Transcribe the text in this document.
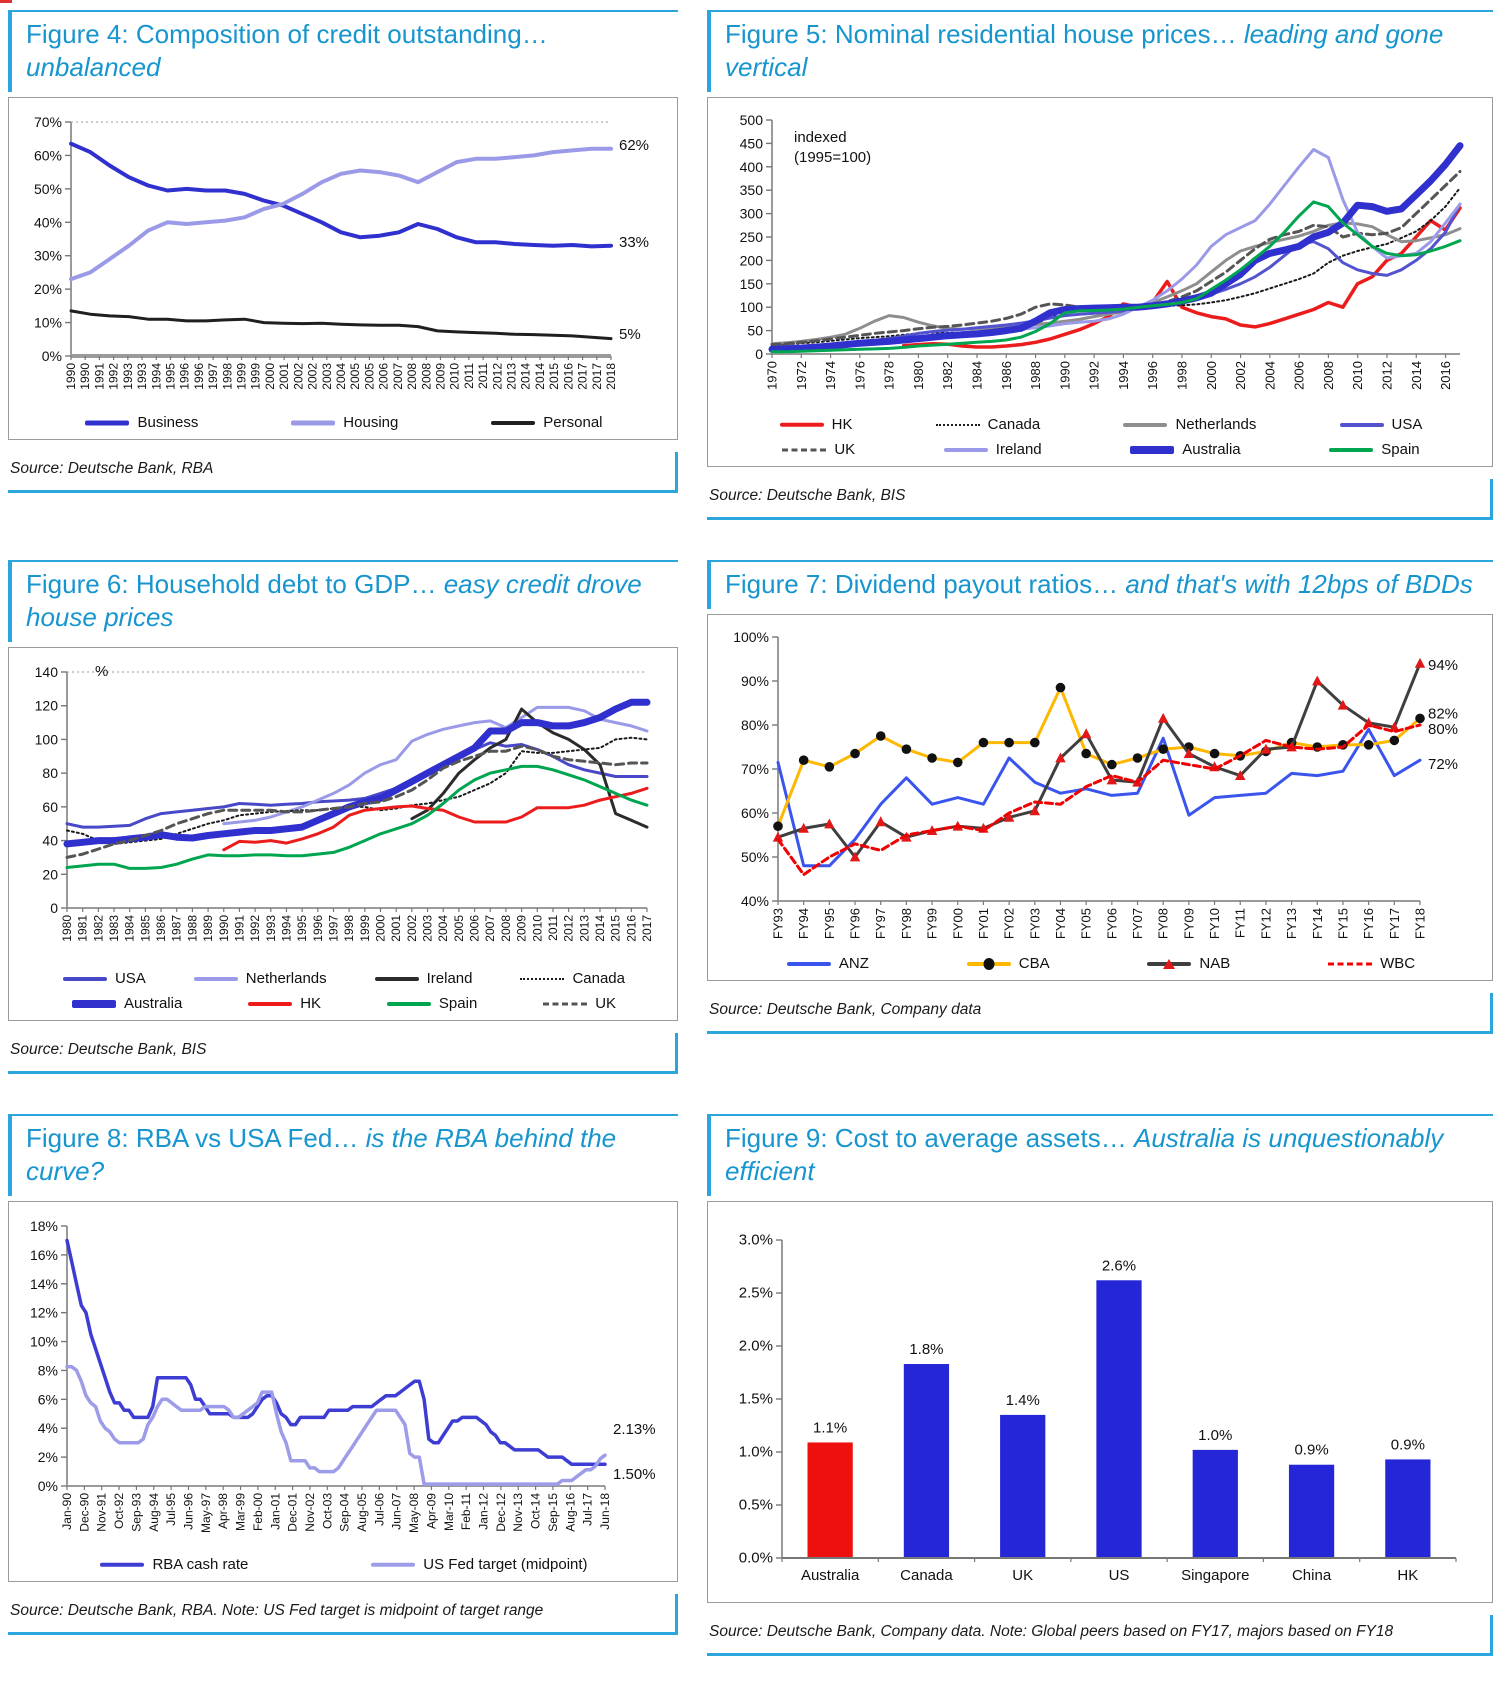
Figure 4: Composition of credit outstanding…unbalanced
0%
10%
20%
30%
40%
50%
60%
70%
1990 1990 1991 1992 1993 1993 1994 1995 1996 1996 1997 1998 1999 1999 2000 2001 2002 2002 2003 2004 2005 2005 2006 2007 2008 2008 2009 2010 2011 2011 2012 2013 2014 2014 2015 2016 2017 2017 2018
62%
33%
5%
Business	Housing	Personal
Source: Deutsche Bank, RBA
Figure 5: Nominal residential house prices… leading and gone vertical
0
50
100
150
200
250
300
350
400
450
500
1970 1972 1974 1976 1978 1980 1982 1984 1986 1988 1990 1992 1994 1996 1998 2000 2002 2004 2006 2008 2010 2012 2014 2016
indexed
(1995=100)
HK	Canada	Netherlands	USA
UK	Ireland	Australia	Spain
Source: Deutsche Bank, BIS
Figure 6: Household debt to GDP… easy credit drove house prices
0
20
40
60
80
100
120
140
1980 1981 1982 1983 1984 1985 1986 1987 1988 1989 1990 1991 1992 1993 1994 1995 1996 1997 1998 1999 2000 2001 2002 2003 2004 2005 2006 2007 2008 2009 2010 2011 2012 2013 2014 2015 2016 2017
%
USA	Netherlands	Ireland	Canada
Australia	HK	Spain	UK
Source: Deutsche Bank, BIS
Figure 7: Dividend payout ratios… and that's with 12bps of BDDs
40%
50%
60%
70%
80%
90%
100%
FY93 FY94 FY95 FY96 FY97 FY98 FY99 FY00 FY01 FY02 FY03 FY04 FY05 FY06 FY07 FY08 FY09 FY10 FY11 FY12 FY13 FY14 FY15 FY16 FY17 FY18
94%
82%
80%
72%
ANZ	CBA	NAB	WBC
Source: Deutsche Bank, Company data
Figure 8: RBA vs USA Fed… is the RBA behind the curve?
0%
2%
4%
6%
8%
10%
12%
14%
16%
18%
Jan-90 Dec-90 Nov-91 Oct-92 Sep-93 Aug-94 Jul-95 Jun-96 May-97 Apr-98 Mar-99 Feb-00 Jan-01 Dec-01 Nov-02 Oct-03 Sep-04 Aug-05 Jul-06 Jun-07 May-08 Apr-09 Mar-10 Feb-11 Jan-12 Dec-12 Nov-13 Oct-14 Sep-15 Aug-16 Jul-17 Jun-18
2.13%
1.50%
RBA cash rate	US Fed target (midpoint)
Source: Deutsche Bank, RBA. Note: US Fed target is midpoint of target range
Figure 9: Cost to average assets… Australia is unquestionably efficient
0.0%
0.5%
1.0%
1.5%
2.0%
2.5%
3.0%
1.1%
Australia
1.8%
Canada
1.4%
UK
2.6%
US
1.0%
Singapore
0.9%
China
0.9%
HK
Source: Deutsche Bank, Company data. Note: Global peers based on FY17, majors based on FY18
